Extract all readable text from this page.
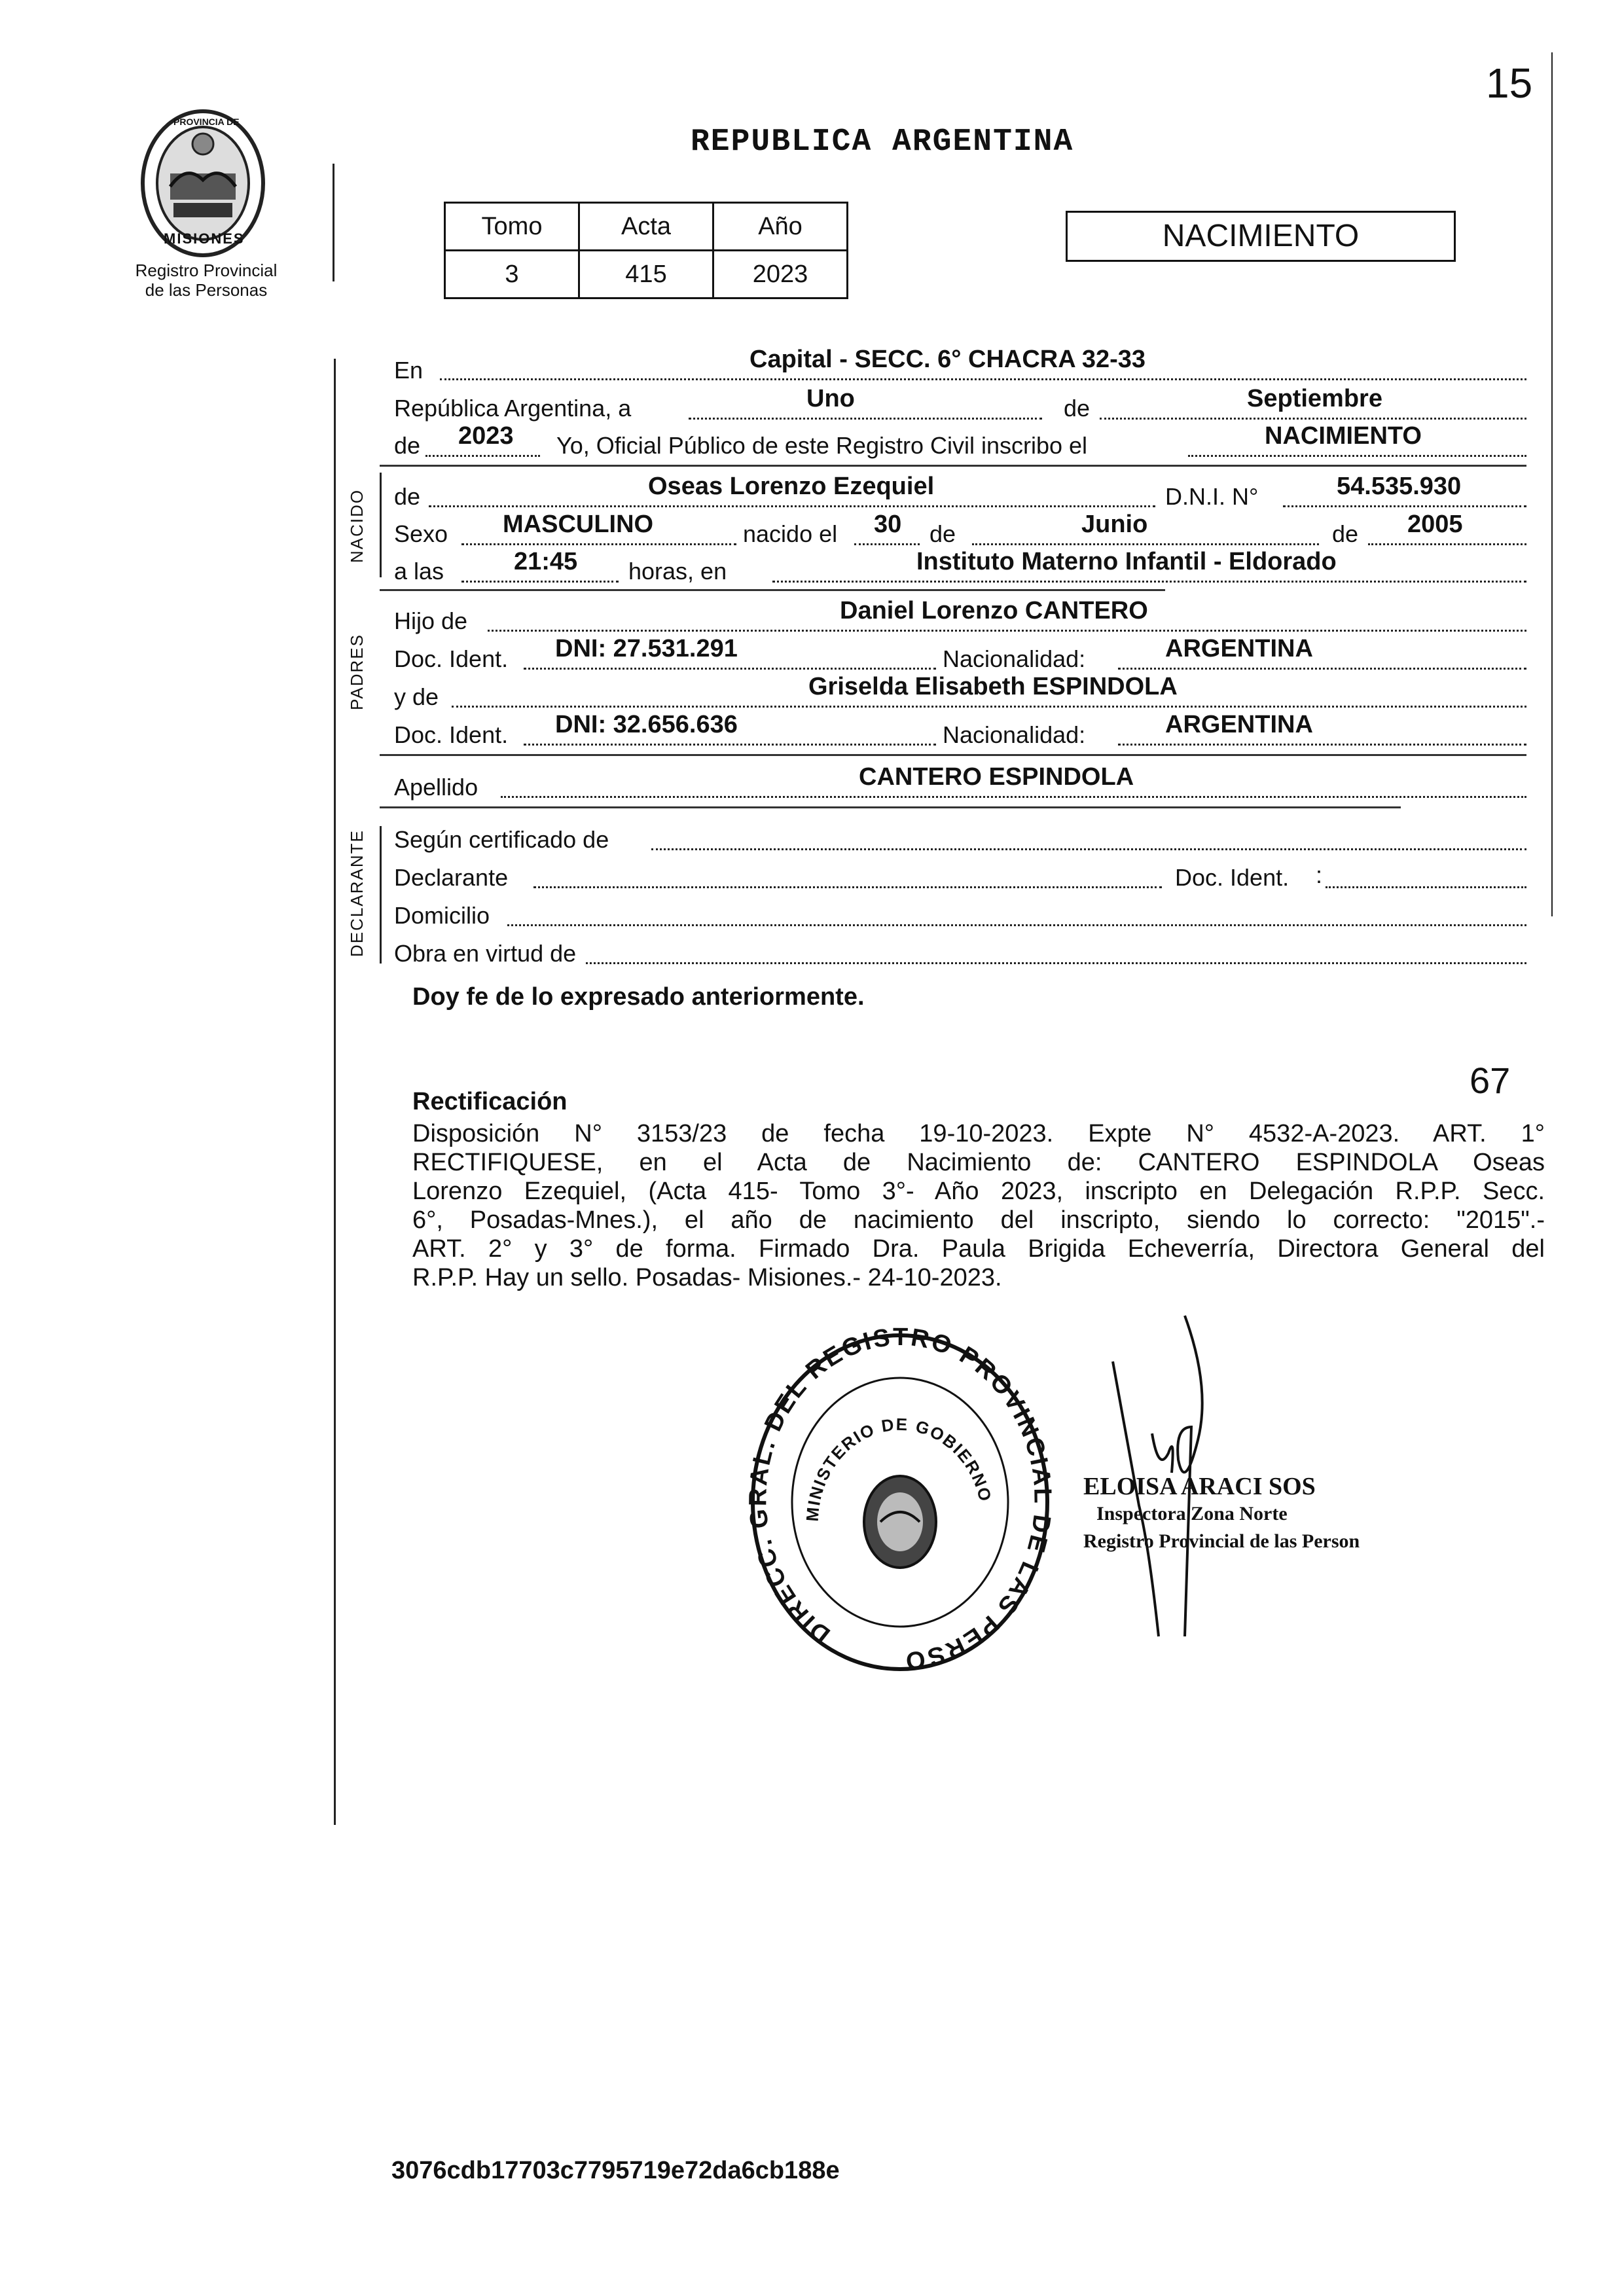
15
PROVINCIA DE
MISIONES
Registro Provincial
de las Personas
REPUBLICA ARGENTINA
Tomo	Acta	Año
3	415	2023
NACIMIENTO
En	Capital - SECC. 6° CHACRA 32-33
República Argentina, a	Uno	de	Septiembre
de 2023 Yo, Oficial Público de este Registro Civil inscribo el	NACIMIENTO
NACIDO de	Oseas Lorenzo Ezequiel	D.N.I. N°	54.535.930
Sexo MASCULINO	nacido el 30 de	Junio	de 2005
a las	21:45 horas, en	Instituto Materno Infantil - Eldorado
PADRES
Hijo de	Daniel Lorenzo CANTERO
Doc. Ident. DNI: 27.531.291	Nacionalidad:	ARGENTINA
y de	Griselda Elisabeth ESPINDOLA
Doc. Ident. DNI: 32.656.636	Nacionalidad:	ARGENTINA
Apellido	CANTERO ESPINDOLA
DECLARANTE Según certificado de
Declarante	Doc. Ident. :
Domicilio
Obra en virtud de
Doy fe de lo expresado anteriormente.
67
Rectificación
Disposición N° 3153/23 de fecha 19-10-2023. Expte N° 4532-A-2023. ART. 1°
RECTIFIQUESE, en el Acta de Nacimiento de: CANTERO ESPINDOLA Oseas
Lorenzo Ezequiel, (Acta 415- Tomo 3°- Año 2023, inscripto en Delegación R.P.P. Secc.
6°, Posadas-Mnes.), el año de nacimiento del inscripto, siendo lo correcto: "2015".-
ART. 2° y 3° de forma. Firmado Dra. Paula Brigida Echeverría, Directora General del
R.P.P. Hay un sello. Posadas- Misiones.- 24-10-2023.
DIRECC. GRAL. DEL REGISTRO PROVINCIAL DE LAS PERSO
MINISTERIO DE GOBIERNO	ELOISA ARACI SOS
Inspectora Zona Norte
Registro Provincial de las Person
3076cdb17703c7795719e72da6cb188e
